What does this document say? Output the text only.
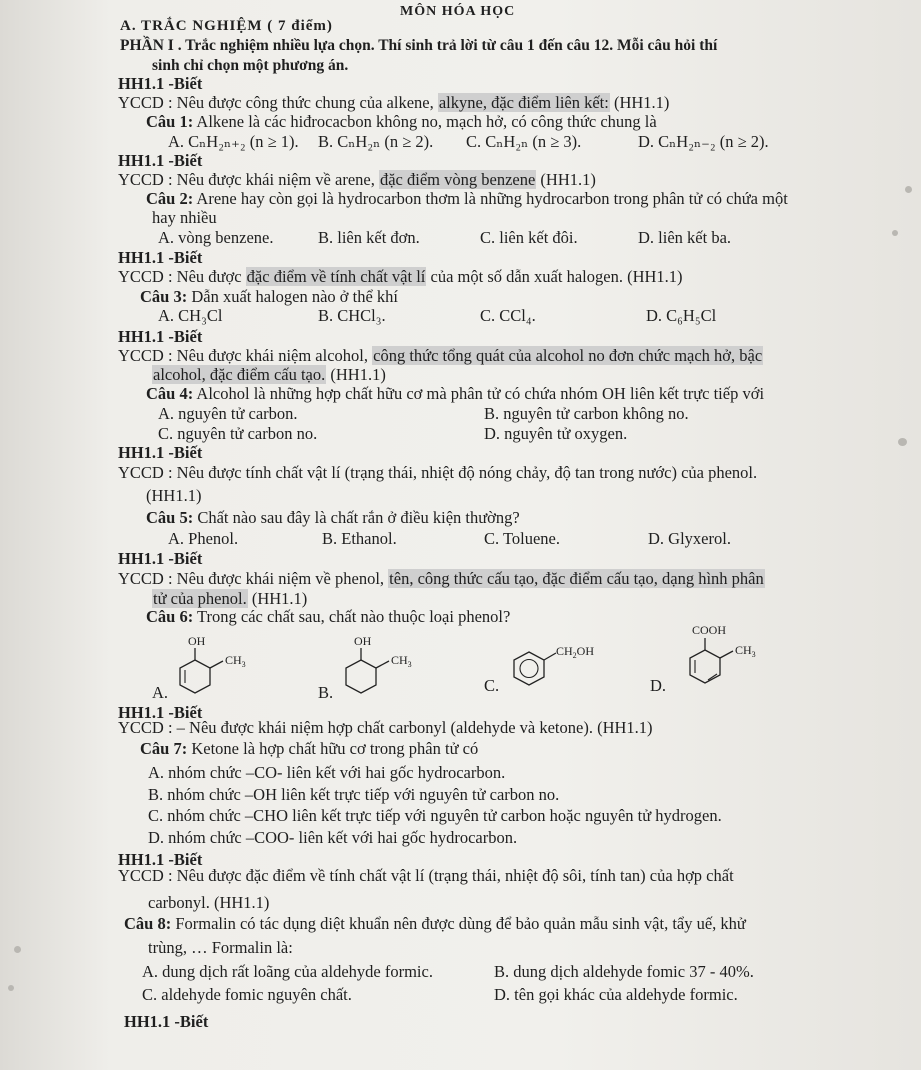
MÔN HÓA HỌC
A. TRẮC NGHIỆM ( 7 điểm)
PHẦN I . Trắc nghiệm nhiều lựa chọn. Thí sinh trả lời từ câu 1 đến câu 12. Mỗi câu hỏi thí
sinh chỉ chọn một phương án.
HH1.1 -Biết
YCCD : Nêu được công thức chung của alkene, alkyne, đặc điểm liên kết: (HH1.1)
Câu 1: Alkene là các hiđrocacbon không no, mạch hở, có công thức chung là
A. CₙH₂ₙ₊₂ (n ≥ 1). B. CₙH₂ₙ (n ≥ 2). C. CₙH₂ₙ (n ≥ 3).	D. CₙH₂ₙ₋₂ (n ≥ 2).
HH1.1 -Biết
YCCD : Nêu được khái niệm về arene, đặc điểm vòng benzene (HH1.1)
Câu 2: Arene hay còn gọi là hydrocarbon thơm là những hydrocarbon trong phân tử có chứa một
hay nhiều
A. vòng benzene.	B. liên kết đơn.	C. liên kết đôi.	D. liên kết ba.
HH1.1 -Biết
YCCD : Nêu được đặc điểm về tính chất vật lí của một số dẫn xuất halogen. (HH1.1)
Câu 3: Dẫn xuất halogen nào ở thể khí
A. CH₃Cl	B. CHCl₃.	C. CCl₄.	D. C₆H₅Cl
HH1.1 -Biết
YCCD : Nêu được khái niệm alcohol, công thức tổng quát của alcohol no đơn chức mạch hở, bậc
alcohol, đặc điểm cấu tạo. (HH1.1)
Câu 4: Alcohol là những hợp chất hữu cơ mà phân tử có chứa nhóm OH liên kết trực tiếp với
A. nguyên tử carbon.	B. nguyên tử carbon không no.
C. nguyên tử carbon no.	D. nguyên tử oxygen.
HH1.1 -Biết
YCCD : Nêu được tính chất vật lí (trạng thái, nhiệt độ nóng chảy, độ tan trong nước) của phenol.
(HH1.1)
Câu 5: Chất nào sau đây là chất rắn ở điều kiện thường?
A. Phenol.	B. Ethanol.	C. Toluene.	D. Glyxerol.
HH1.1 -Biết
YCCD : Nêu được khái niệm về phenol, tên, công thức cấu tạo, đặc điểm cấu tạo, dạng hình phân
tử của phenol. (HH1.1)
Câu 6: Trong các chất sau, chất nào thuộc loại phenol?
A.
OH
$CH_3$
B.
OH
$CH_3$
C.
$CH_2OH$
D.
COOH
$CH_3$
HH1.1 -Biết
YCCD : – Nêu được khái niệm hợp chất carbonyl (aldehyde và ketone). (HH1.1)
Câu 7: Ketone là hợp chất hữu cơ trong phân tử có
A. nhóm chức –CO- liên kết với hai gốc hydrocarbon.
B. nhóm chức –OH liên kết trực tiếp với nguyên tử carbon no.
C. nhóm chức –CHO liên kết trực tiếp với nguyên tử carbon hoặc nguyên tử hydrogen.
D. nhóm chức –COO- liên kết với hai gốc hydrocarbon.
HH1.1 -Biết
YCCD : Nêu được đặc điểm về tính chất vật lí (trạng thái, nhiệt độ sôi, tính tan) của hợp chất
carbonyl. (HH1.1)
Câu 8: Formalin có tác dụng diệt khuẩn nên được dùng để bảo quản mẫu sinh vật, tẩy uế, khử
trùng, … Formalin là:
A. dung dịch rất loãng của aldehyde formic.	B. dung dịch aldehyde fomic 37 - 40%.
C. aldehyde fomic nguyên chất.	D. tên gọi khác của aldehyde formic.
HH1.1 -Biết
